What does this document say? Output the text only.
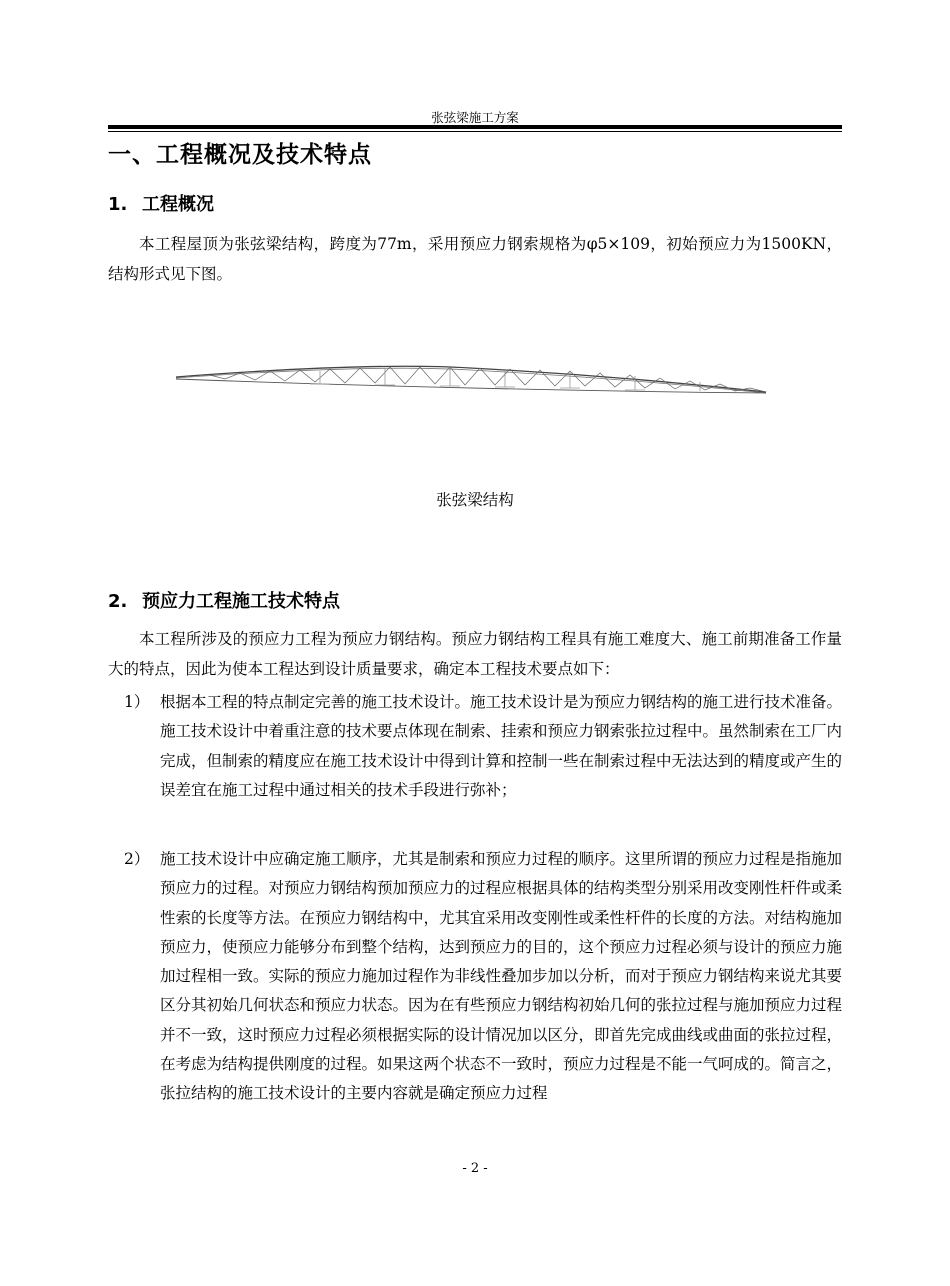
张弦梁施工方案
一、工程概况及技术特点
1. 工程概况
本工程屋顶为张弦梁结构，跨度为77m，采用预应力钢索规格为φ5×109，初始预应力为1500KN，结构形式见下图。
张弦梁结构
2. 预应力工程施工技术特点
本工程所涉及的预应力工程为预应力钢结构。预应力钢结构工程具有施工难度大、施工前期准备工作量大的特点，因此为使本工程达到设计质量要求，确定本工程技术要点如下：
1） 根据本工程的特点制定完善的施工技术设计。施工技术设计是为预应力钢结构的施工进行技术准备。施工技术设计中着重注意的技术要点体现在制索、挂索和预应力钢索张拉过程中。虽然制索在工厂内完成，但制索的精度应在施工技术设计中得到计算和控制一些在制索过程中无法达到的精度或产生的误差宜在施工过程中通过相关的技术手段进行弥补；
2） 施工技术设计中应确定施工顺序，尤其是制索和预应力过程的顺序。这里所谓的预应力过程是指施加预应力的过程。对预应力钢结构预加预应力的过程应根据具体的结构类型分别采用改变刚性杆件或柔性索的长度等方法。在预应力钢结构中，尤其宜采用改变刚性或柔性杆件的长度的方法。对结构施加预应力，使预应力能够分布到整个结构，达到预应力的目的，这个预应力过程必须与设计的预应力施加过程相一致。实际的预应力施加过程作为非线性叠加步加以分析，而对于预应力钢结构来说尤其要区分其初始几何状态和预应力状态。因为在有些预应力钢结构初始几何的张拉过程与施加预应力过程并不一致，这时预应力过程必须根据实际的设计情况加以区分，即首先完成曲线或曲面的张拉过程，在考虑为结构提供刚度的过程。如果这两个状态不一致时，预应力过程是不能一气呵成的。简言之，张拉结构的施工技术设计的主要内容就是确定预应力过程
- 2 -
